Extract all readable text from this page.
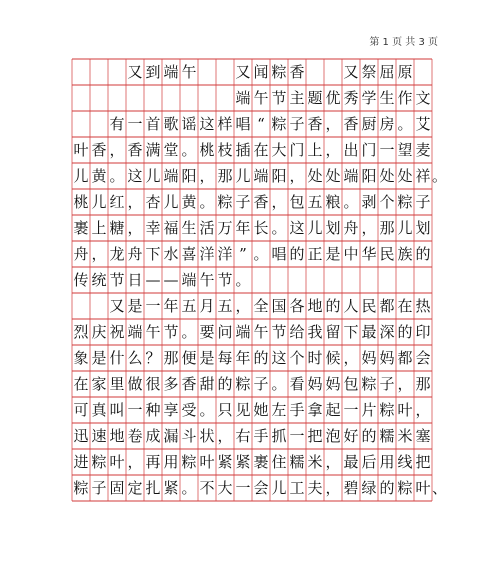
第 1 页 共 3 页
又 到 端 午	又 闻 粽 香	又 祭 屈 原
端 午 节 主 题 优 秀 学 生 作 文
有 一 首 歌 谣 这 样 唱 “ 粽 子 香 ， 香 厨 房 。 艾
叶 香 ， 香 满 堂 。 桃 枝 插 在 大 门 上 ， 出 门 一 望 麦
儿 黄 。 这 儿 端 阳 ， 那 儿 端 阳 ， 处 处 端 阳 处 处 祥 。
桃 儿 红 ， 杏 儿 黄 。 粽 子 香 ， 包 五 粮 。 剥 个 粽 子
裹 上 糖 ， 幸 福 生 活 万 年 长 。 这 儿 划 舟 ， 那 儿 划
舟 ， 龙 舟 下 水 喜 洋 洋 ” 。 唱 的 正 是 中 华 民 族 的
传 统 节 日 — — 端 午 节 。
又 是 一 年 五 月 五 ， 全 国 各 地 的 人 民 都 在 热
烈 庆 祝 端 午 节 。 要 问 端 午 节 给 我 留 下 最 深 的 印
象 是 什 么 ？ 那 便 是 每 年 的 这 个 时 候 ， 妈 妈 都 会
在 家 里 做 很 多 香 甜 的 粽 子 。 看 妈 妈 包 粽 子 ， 那
可 真 叫 一 种 享 受 。 只 见 她 左 手 拿 起 一 片 粽 叶 ，
迅 速 地 卷 成 漏 斗 状 ， 右 手 抓 一 把 泡 好 的 糯 米 塞
进 粽 叶 ， 再 用 粽 叶 紧 紧 裹 住 糯 米 ， 最 后 用 线 把
粽 子 固 定 扎 紧 。 不 大 一 会 儿 工 夫 ， 碧 绿 的 粽 叶 、
